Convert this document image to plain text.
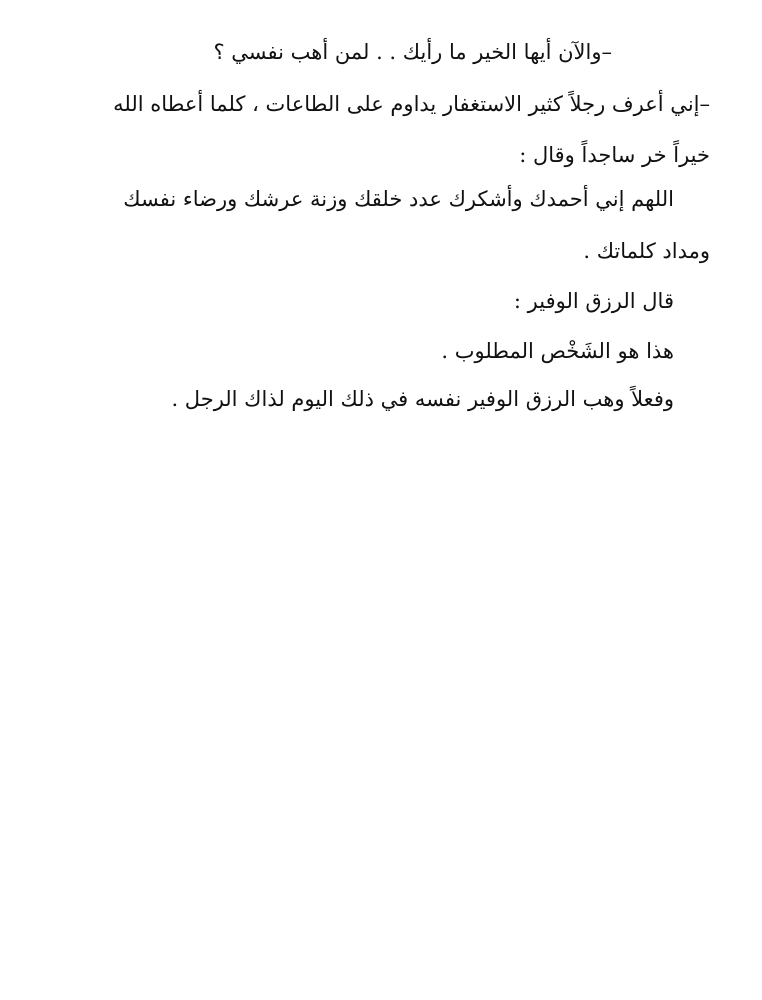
–والآن أيها الخير ما رأيك . . لمن أهب نفسي ؟
–إني أعرف رجلاً كثير الاستغفار يداوم على الطاعات ، كلما أعطاه الله
خيراً خر ساجداً وقال :
اللهم إني أحمدك وأشكرك عدد خلقك وزنة عرشك ورضاء نفسك
ومداد كلماتك .
قال الرزق الوفير :
هذا هو الشَخْص المطلوب .
وفعلاً وهب الرزق الوفير نفسه في ذلك اليوم لذاك الرجل .
